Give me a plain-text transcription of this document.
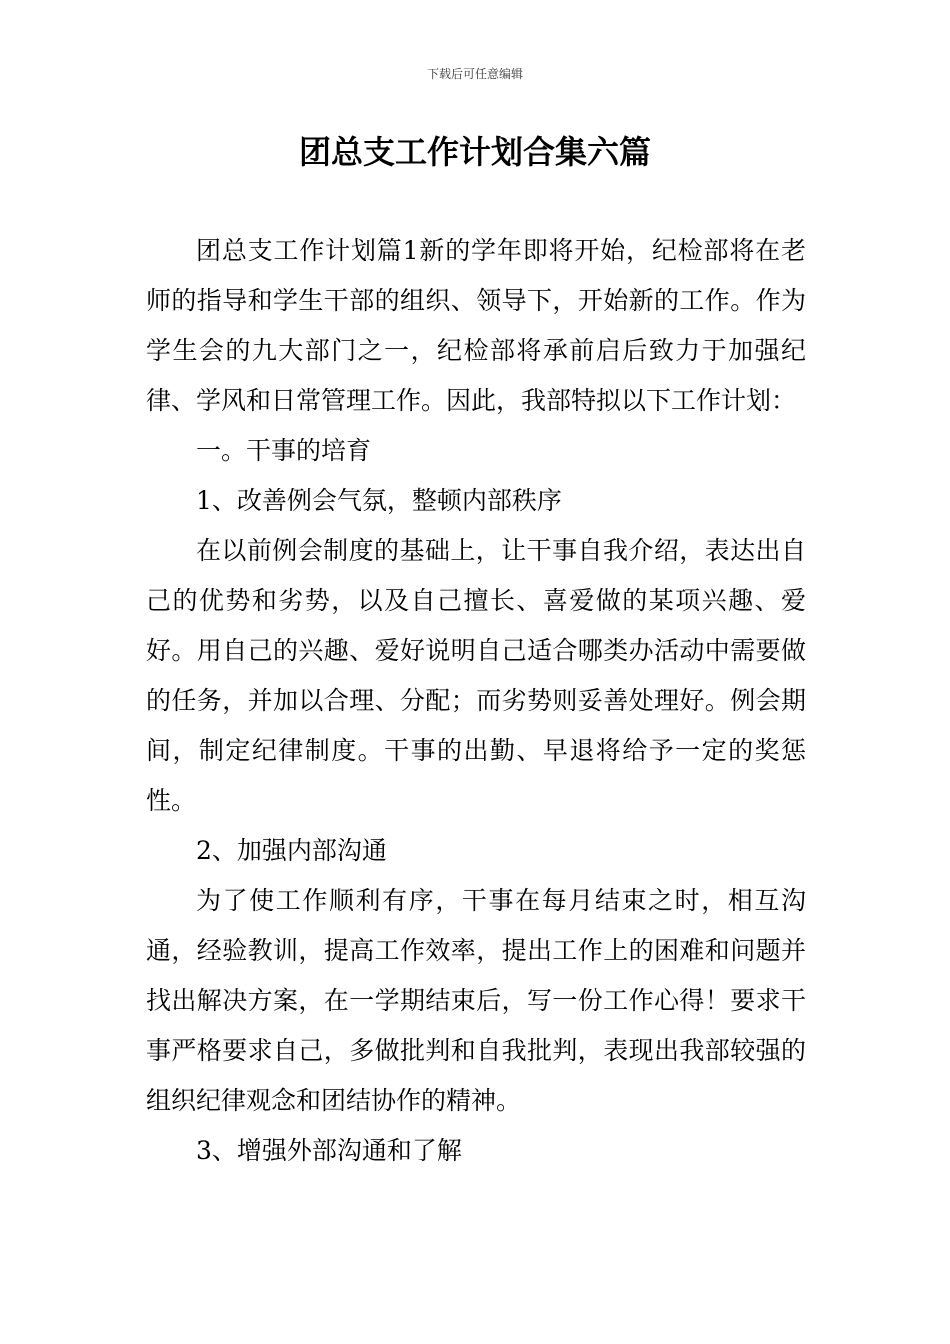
下载后可任意编辑
团总支工作计划合集六篇

团总支工作计划篇1新的学年即将开始，纪检部将在老师的指导和学生干部的组织、领导下，开始新的工作。作为学生会的九大部门之一，纪检部将承前启后致力于加强纪律、学风和日常管理工作。因此，我部特拟以下工作计划：

一。干事的培育

1、改善例会气氛，整顿内部秩序

在以前例会制度的基础上，让干事自我介绍，表达出自己的优势和劣势，以及自己擅长、喜爱做的某项兴趣、爱好。用自己的兴趣、爱好说明自己适合哪类办活动中需要做的任务，并加以合理、分配；而劣势则妥善处理好。例会期间，制定纪律制度。干事的出勤、早退将给予一定的奖惩性。

2、加强内部沟通

为了使工作顺利有序，干事在每月结束之时，相互沟通，经验教训，提高工作效率，提出工作上的困难和问题并找出解决方案，在一学期结束后，写一份工作心得！要求干事严格要求自己，多做批判和自我批判，表现出我部较强的组织纪律观念和团结协作的精神。

3、增强外部沟通和了解
